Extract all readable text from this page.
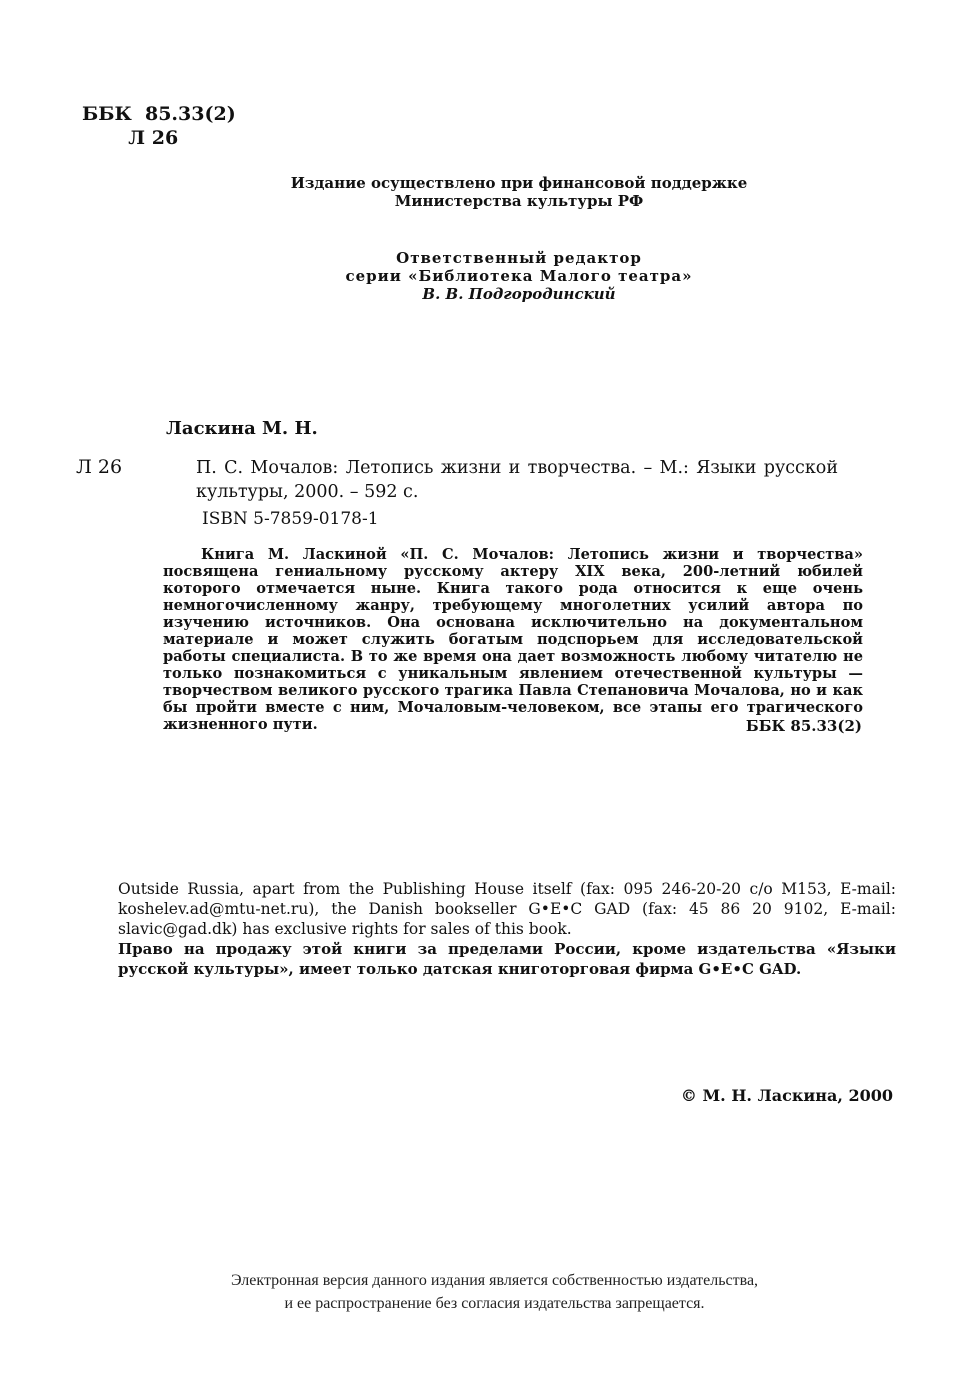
ББК  85.33(2)
Л 26
Издание осуществлено при финансовой поддержке
Министерства культуры РФ
Ответственный редактор
серии «Библиотека Малого театра»
В. В. Подгородинский
Ласкина М. Н.
Л 26	П. С. Мочалов: Летопись жизни и творчества. – М.: Языки русской культуры, 2000. – 592 с.
ISBN 5-7859-0178-1
Книга М. Ласкиной «П. С. Мочалов: Летопись жизни и творчества» посвящена гениальному русскому актеру XIX века, 200-летний юбилей которого отмечается ныне. Книга такого рода относится к еще очень немногочисленному жанру, требующему многолетних усилий автора по изучению источников. Она основана исключительно на документальном материале и может служить богатым подспорьем для исследовательской работы специалиста. В то же время она дает возможность любому читателю не только познакомиться с уникальным явлением отечественной культуры — творчеством великого русского трагика Павла Степановича Мочалова, но и как бы пройти вместе с ним, Мочаловым-человеком, все этапы его трагического жизненного пути.	ББК 85.33(2)
Outside Russia, apart from the Publishing House itself (fax: 095 246-20-20 c/o M153, E-mail: koshelev.ad@mtu-net.ru), the Danish bookseller G•E•C GAD (fax: 45 86 20 9102, E-mail: slavic@gad.dk) has exclusive rights for sales of this book.
Право на продажу этой книги за пределами России, кроме издательства «Языки русской культуры», имеет только датская книготорговая фирма G•E•C GAD.
© М. Н. Ласкина, 2000
Электронная версия данного издания является собственностью издательства,
и ее распространение без согласия издательства запрещается.
